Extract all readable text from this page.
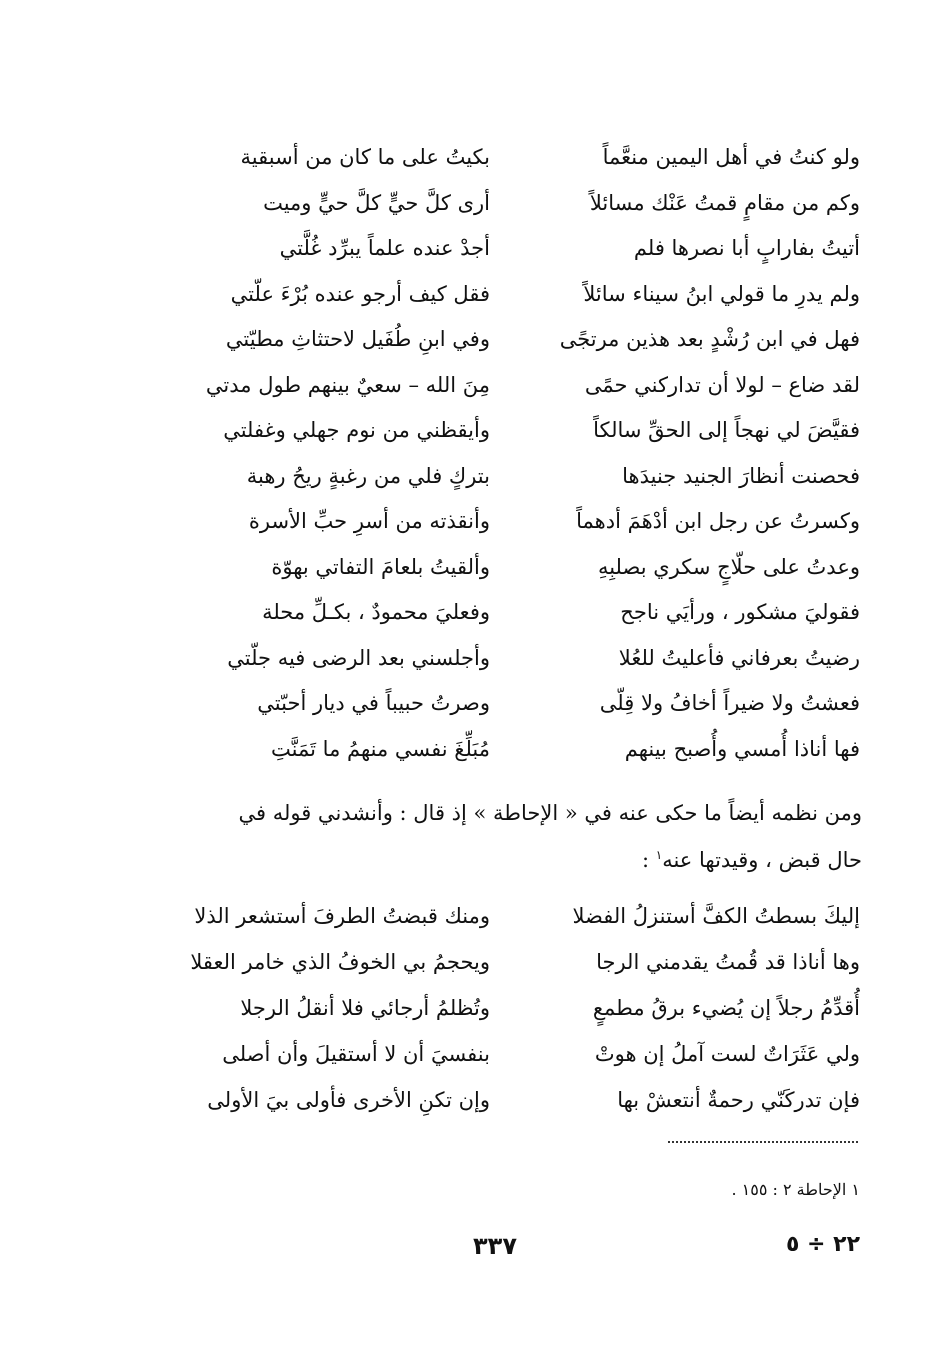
ولو كنتُ في أهل اليمين منعَّماً
بكيتُ على ما كان من أسبقية
وكم من مقامٍ قمتُ عَنْك مسائلاً
أرى كلَّ حيٍّ كلَّ حيٍّ وميت
أتيتُ بفارابٍ أبا نصرها فلم
أجدْ عنده علماً يبرِّد غُلَّتي
ولم يدرِ ما قولي ابنُ سيناء سائلاً
فقل كيف أرجو عنده بُرْءَ علّتي
فهل في ابن رُشْدٍ بعد هذين مرتجًى
وفي ابنِ طُفَيل لاحتثاثِ مطيّتي
لقد ضاع – لولا أن تداركني حمًى
مِنَ الله – سعيٌ بينهم طول مدتي
فقيَّضَ لي نهجاً إلى الحقِّ سالكاً
وأيقظني من نوم جهلي وغفلتي
فحصنت أنظارَ الجنيد جنيدَها
بتركٍ فلي من رغبةٍ ريحُ رهبة
وكسرتُ عن رجل ابن أدْهَمَ أدهماً
وأنقذته من أسرِ حبِّ الأسرة
وعدتُ على حلّاجٍ سكري بصلبِهِ
وألقيتُ بلعامَ التفاتي بهوّة
فقوليَ مشكور ، ورأيَي ناجح
وفعليَ محمودٌ ، بكـلِّ محلة
رضيتُ بعرفاني فأعليتُ للعُلا
وأجلسني بعد الرضى فيه جلّتي
فعشتُ ولا ضيراً أخافُ ولا قِلّى
وصرتُ حبيباً في ديار أحبّتي
فها أناذا أُمسي وأُصبح بينهم
مُبَلِّغَ نفسي منهمُ ما تَمَنَّتِ

ومن نظمه أيضاً ما حكى عنه في « الإحاطة » إذ قال : وأنشدني قوله في

حال قبض ، وقيدتها عنه$^١$ :

إليكَ بسطتُ الكفَّ أستنزلُ الفضلا
ومنك قبضتُ الطرفَ أستشعر الذلا
وها أناذا قد قُمتُ يقدمني الرجا
ويحجمُ بي الخوفُ الذي خامر العقلا
أُقدِّمُ رجلاً إن يُضيء برقُ مطمعٍ
وتُظلمُ أرجائي فلا أنقلُ الرجلا
ولي عَثَرَاتٌ لست آملُ إن هوتْ
بنفسيَ أن لا أستقيلَ وأن أصلى
فإن تدركَنّي رحمةٌ أنتعشْ بها
وإن تكنِ الأخرى فأولى بيَ الأولى
١ الإحاطة ٢ : ١٥٥ .
٣٣٧	٢٢ ÷ ٥
